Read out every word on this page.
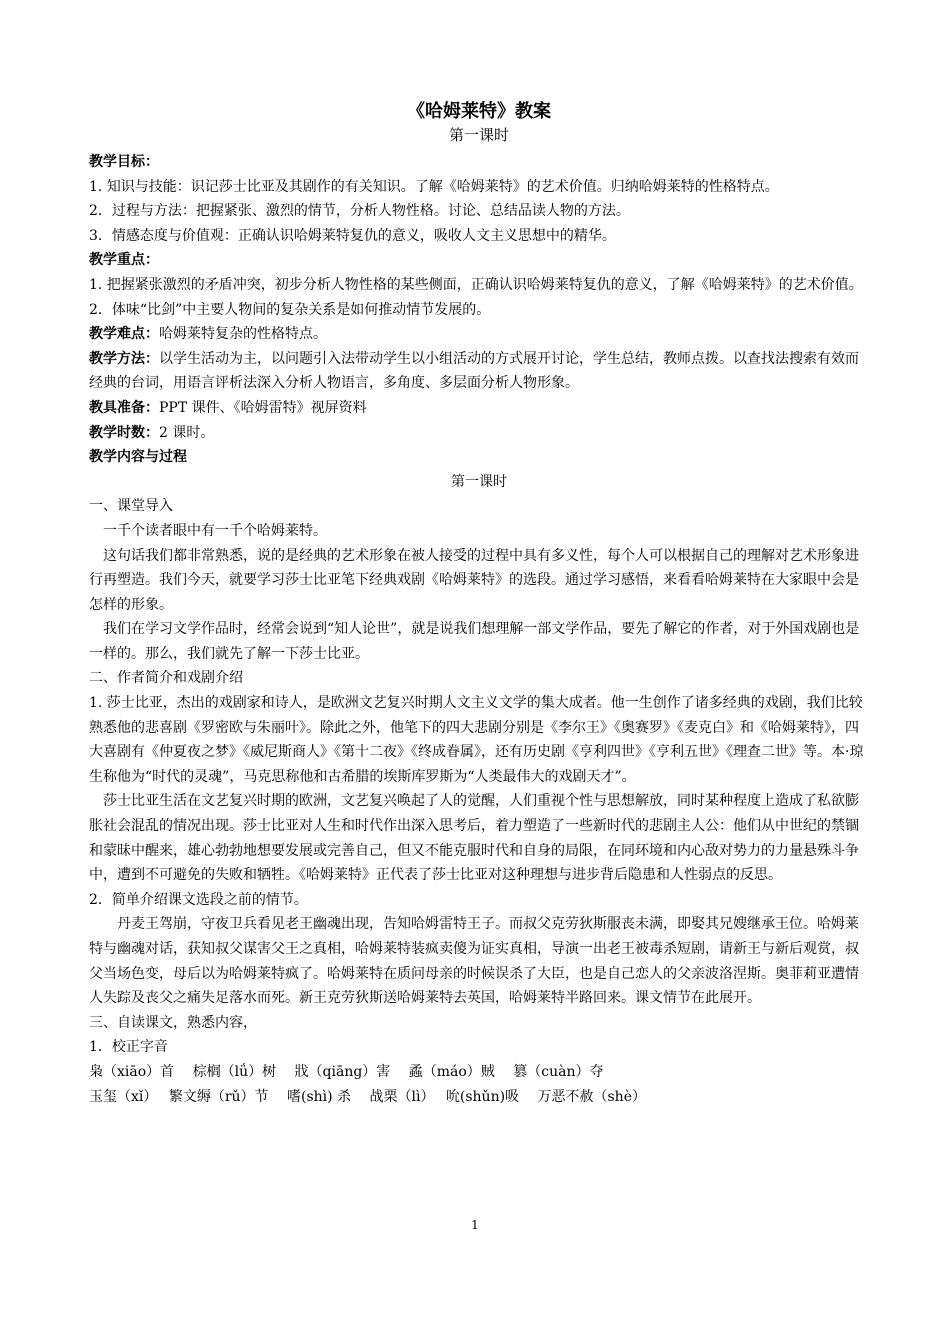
《哈姆莱特》教案

第一课时

教学目标：

1. 知识与技能：识记莎士比亚及其剧作的有关知识。了解《哈姆莱特》的艺术价值。归纳哈姆莱特的性格特点。

2．过程与方法：把握紧张、激烈的情节，分析人物性格。讨论、总结品读人物的方法。

3．情感态度与价值观：正确认识哈姆莱特复仇的意义，吸收人文主义思想中的精华。

教学重点：

1. 把握紧张激烈的矛盾冲突，初步分析人物性格的某些侧面，正确认识哈姆莱特复仇的意义，了解《哈姆莱特》的艺术价值。

2．体味“比剑”中主要人物间的复杂关系是如何推动情节发展的。

教学难点：哈姆莱特复杂的性格特点。

教学方法：以学生活动为主，以问题引入法带动学生以小组活动的方式展开讨论，学生总结，教师点拨。以查找法搜索有效而经典的台词，用语言评析法深入分析人物语言，多角度、多层面分析人物形象。

教具准备：PPT 课件、《哈姆雷特》视屏资料

教学时数：2 课时。

教学内容与过程

第一课时

一、课堂导入

一千个读者眼中有一千个哈姆莱特。

这句话我们都非常熟悉，说的是经典的艺术形象在被人接受的过程中具有多义性，每个人可以根据自己的理解对艺术形象进行再塑造。我们今天，就要学习莎士比亚笔下经典戏剧《哈姆莱特》的选段。通过学习感悟，来看看哈姆莱特在大家眼中会是怎样的形象。

我们在学习文学作品时，经常会说到“知人论世”，就是说我们想理解一部文学作品，要先了解它的作者，对于外国戏剧也是一样的。那么，我们就先了解一下莎士比亚。

二、作者简介和戏剧介绍

1. 莎士比亚，杰出的戏剧家和诗人，是欧洲文艺复兴时期人文主义文学的集大成者。他一生创作了诸多经典的戏剧，我们比较熟悉他的悲喜剧《罗密欧与朱丽叶》。除此之外，他笔下的四大悲剧分别是《李尔王》《奥赛罗》《麦克白》和《哈姆莱特》，四大喜剧有《仲夏夜之梦》《威尼斯商人》《第十二夜》《终成眷属》，还有历史剧《亨利四世》《亨利五世》《理查二世》等。本·琼生称他为“时代的灵魂”，马克思称他和古希腊的埃斯库罗斯为“人类最伟大的戏剧天才”。

莎士比亚生活在文艺复兴时期的欧洲，文艺复兴唤起了人的觉醒，人们重视个性与思想解放，同时某种程度上造成了私欲膨胀社会混乱的情况出现。莎士比亚对人生和时代作出深入思考后，着力塑造了一些新时代的悲剧主人公：他们从中世纪的禁锢和蒙昧中醒来，雄心勃勃地想要发展或完善自己，但又不能克服时代和自身的局限，在同环境和内心敌对势力的力量悬殊斗争中，遭到不可避免的失败和牺牲。《哈姆莱特》正代表了莎士比亚对这种理想与进步背后隐患和人性弱点的反思。

2．简单介绍课文选段之前的情节。

丹麦王驾崩，守夜卫兵看见老王幽魂出现，告知哈姆雷特王子。而叔父克劳狄斯服丧未满，即娶其兄嫂继承王位。哈姆莱特与幽魂对话，获知叔父谋害父王之真相，哈姆莱特装疯卖傻为证实真相，导演一出老王被毒杀短剧，请新王与新后观赏，叔父当场色变，母后以为哈姆莱特疯了。哈姆莱特在质问母亲的时候误杀了大臣，也是自己恋人的父亲波洛涅斯。奥菲莉亚遭情人失踪及丧父之痛失足落水而死。新王克劳狄斯送哈姆莱特去英国，哈姆莱特半路回来。课文情节在此展开。

三、自读课文，熟悉内容，

1．校正字音

枭（xiāo）首　 棕榈（lǘ）树　 戕（qiāng）害　 蟊（máo）贼　 篡（cuàn）夺

玉玺（xǐ）　 繁文缛（rǔ）节　 嗜(shì) 杀　 战栗（lì）　 吮(shǔn)吸　 万恶不赦（shè）

1
